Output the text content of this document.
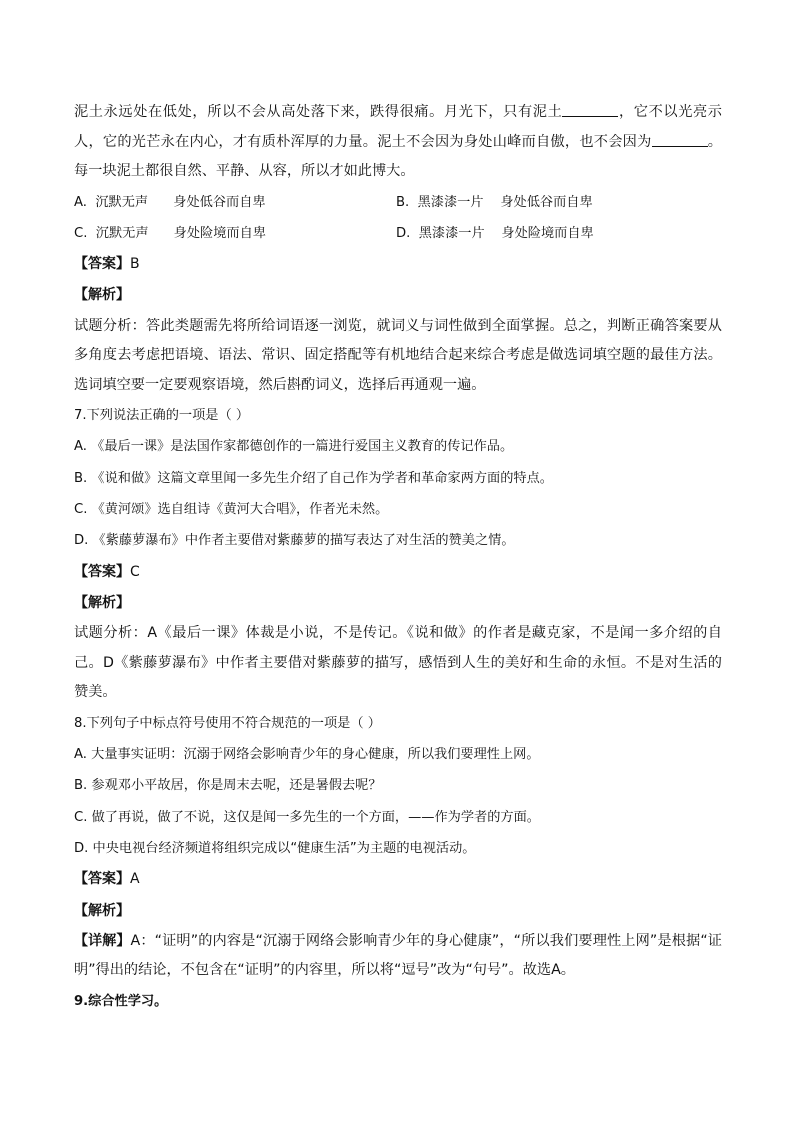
泥土永远处在低处，所以不会从高处落下来，跌得很痛。月光下，只有泥土	，它不以光亮示人，它的光芒永在内心，才有质朴浑厚的力量。泥土不会因为身处山峰而自傲，也不会因为	。每一块泥土都很自然、平静、从容，所以才如此博大。

A.  沉默无声      身处低谷而自卑	B.  黑漆漆一片    身处低谷而自卑
C.  沉默无声      身处险境而自卑	D.  黑漆漆一片    身处险境而自卑

【答案】B

【解析】

试题分析：答此类题需先将所给词语逐一浏览，就词义与词性做到全面掌握。总之，判断正确答案要从多角度去考虑把语境、语法、常识、固定搭配等有机地结合起来综合考虑是做选词填空题的最佳方法。选词填空要一定要观察语境，然后斟酌词义，选择后再通观一遍。

7.下列说法正确的一项是（ ）

A. 《最后一课》是法国作家都德创作的一篇进行爱国主义教育的传记作品。

B. 《说和做》这篇文章里闻一多先生介绍了自己作为学者和革命家两方面的特点。

C. 《黄河颂》选自组诗《黄河大合唱》，作者光未然。

D. 《紫藤萝瀑布》中作者主要借对紫藤萝的描写表达了对生活的赞美之情。

【答案】C

【解析】

试题分析：A《最后一课》体裁是小说，不是传记。《说和做》的作者是藏克家，不是闻一多介绍的自己。D《紫藤萝瀑布》中作者主要借对紫藤萝的描写，感悟到人生的美好和生命的永恒。不是对生活的赞美。

8.下列句子中标点符号使用不符合规范的一项是（ ）

A. 大量事实证明：沉溺于网络会影响青少年的身心健康，所以我们要理性上网。

B. 参观邓小平故居，你是周末去呢，还是暑假去呢？

C. 做了再说，做了不说，这仅是闻一多先生的一个方面，——作为学者的方面。

D. 中央电视台经济频道将组织完成以“健康生活”为主题的电视活动。

【答案】A

【解析】

【详解】A：“证明”的内容是“沉溺于网络会影响青少年的身心健康”，“所以我们要理性上网”是根据“证明”得出的结论，不包含在“证明”的内容里，所以将“逗号”改为“句号”。故选A。

9.综合性学习。
